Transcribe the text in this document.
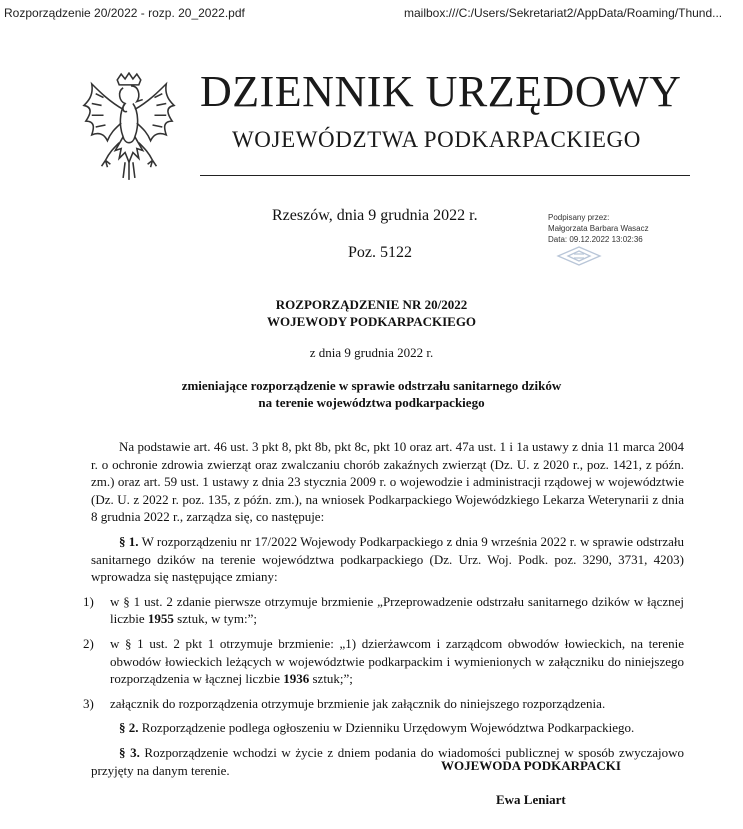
Rozporządzenie 20/2022 - rozp. 20_2022.pdf	mailbox:///C:/Users/Sekretariat2/AppData/Roaming/Thund...
DZIENNIK URZĘDOWY
WOJEWÓDZTWA PODKARPACKIEGO
Rzeszów, dnia 9 grudnia 2022 r.
Poz. 5122
Podpisany przez:
Małgorzata Barbara Wasacz
Data: 09.12.2022 13:02:36
ROZPORZĄDZENIE NR 20/2022
WOJEWODY PODKARPACKIEGO
z dnia 9 grudnia 2022 r.
zmieniające rozporządzenie w sprawie odstrzału sanitarnego dzików
na terenie województwa podkarpackiego

Na podstawie art. 46 ust. 3 pkt 8, pkt 8b, pkt 8c, pkt 10 oraz art. 47a ust. 1 i 1a ustawy z dnia 11 marca 2004 r. o ochronie zdrowia zwierząt oraz zwalczaniu chorób zakaźnych zwierząt (Dz. U. z 2020 r., poz. 1421, z późn. zm.) oraz art. 59 ust. 1 ustawy z dnia 23 stycznia 2009 r. o wojewodzie i administracji rządowej w województwie (Dz. U. z 2022 r. poz. 135, z późn. zm.), na wniosek Podkarpackiego Wojewódzkiego Lekarza Weterynarii z dnia 8 grudnia 2022 r., zarządza się, co następuje:

§ 1. W rozporządzeniu nr 17/2022 Wojewody Podkarpackiego z dnia 9 września 2022 r. w sprawie odstrzału sanitarnego dzików na terenie województwa podkarpackiego (Dz. Urz. Woj. Podk. poz. 3290, 3731, 4203) wprowadza się następujące zmiany:

1) w § 1 ust. 2 zdanie pierwsze otrzymuje brzmienie „Przeprowadzenie odstrzału sanitarnego dzików w łącznej liczbie 1955 sztuk, w tym:”;
2) w § 1 ust. 2 pkt 1 otrzymuje brzmienie: „1) dzierżawcom i zarządcom obwodów łowieckich, na terenie obwodów łowieckich leżących w województwie podkarpackim i wymienionych w załączniku do niniejszego rozporządzenia w łącznej liczbie 1936 sztuk;”;
3) załącznik do rozporządzenia otrzymuje brzmienie jak załącznik do niniejszego rozporządzenia.

§ 2. Rozporządzenie podlega ogłoszeniu w Dzienniku Urzędowym Województwa Podkarpackiego.

§ 3. Rozporządzenie wchodzi w życie z dniem podania do wiadomości publicznej w sposób zwyczajowo przyjęty na danym terenie.	WOJEWODA PODKARPACKI
Ewa Leniart
